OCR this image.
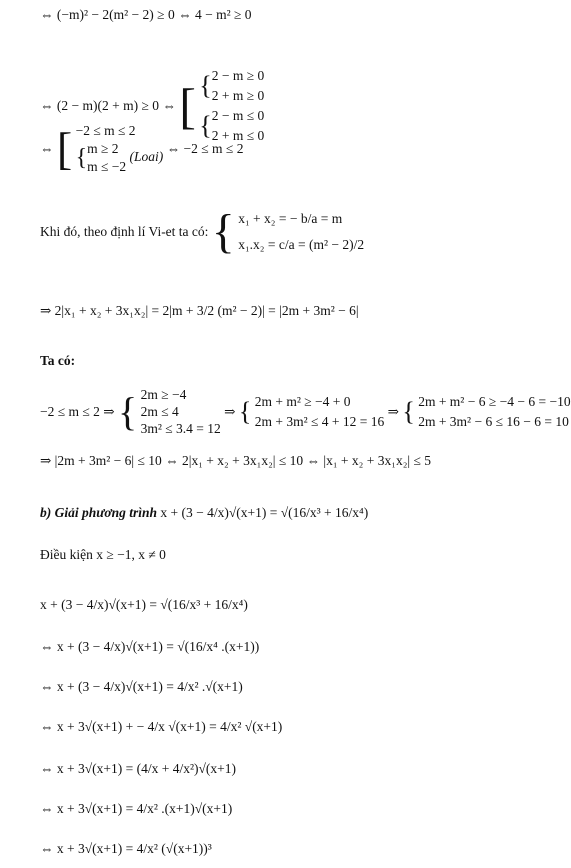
⇔ (−m)² − 2(m² − 2) ≥ 0 ⇔ 4 − m² ≥ 0
⇔ (2 − m)(2 + m) ≥ 0 ⇔ [ { 2 − m ≥ 0
2 + m ≥ 0

{ 2 − m ≤ 0
2 + m ≤ 0
⇔ [ −2 ≤ m ≤ 2
{ m ≥ 2
m ≤ −2
(Loai) ⇔ −2 ≤ m ≤ 2
Khi đó, theo định lí Vi-et ta có: { x₁ + x₂ = − b/a = m
x₁.x₂ = c/a = (m² − 2)/2
⇒ 2|x₁ + x₂ + 3x₁x₂| = 2|m + 3/2 (m² − 2)| = |2m + 3m² − 6|
Ta có:
−2 ≤ m ≤ 2 ⇒ { 2m ≥ −4
2m ≤ 4
3m² ≤ 3.4 = 12
⇒ { 2m + m² ≥ −4 + 0
2m + 3m² ≤ 4 + 12 = 16
⇒ { 2m + m² − 6 ≥ −4 − 6 = −10
2m + 3m² − 6 ≤ 16 − 6 = 10
⇒ |2m + 3m² − 6| ≤ 10 ⇔ 2|x₁ + x₂ + 3x₁x₂| ≤ 10 ⇔ |x₁ + x₂ + 3x₁x₂| ≤ 5
b) Giải phương trình x + (3 − 4/x)√(x+1) = √(16/x³ + 16/x⁴)
Điều kiện x ≥ −1, x ≠ 0
x + (3 − 4/x)√(x+1) = √(16/x³ + 16/x⁴)
⇔ x + (3 − 4/x)√(x+1) = √(16/x⁴ .(x+1))
⇔ x + (3 − 4/x)√(x+1) = 4/x² .√(x+1)
⇔ x + 3√(x+1) + − 4/x √(x+1) = 4/x² √(x+1)
⇔ x + 3√(x+1) = (4/x + 4/x²)√(x+1)
⇔ x + 3√(x+1) = 4/x² .(x+1)√(x+1)
⇔ x + 3√(x+1) = 4/x² (√(x+1))³
